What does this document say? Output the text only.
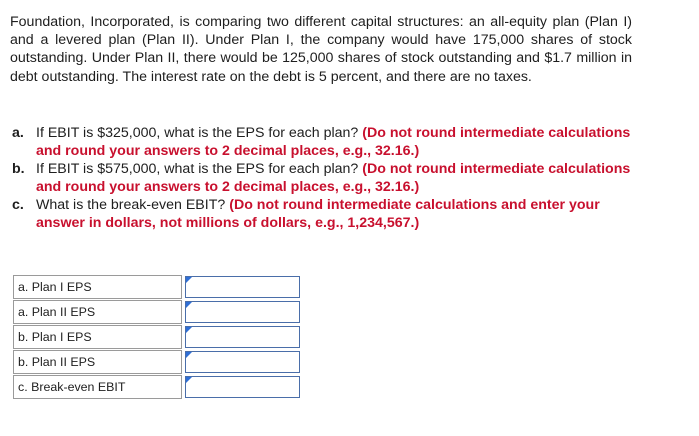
Foundation, Incorporated, is comparing two different capital structures: an all-equity plan (Plan I) and a levered plan (Plan II). Under Plan I, the company would have 175,000 shares of stock outstanding. Under Plan II, there would be 125,000 shares of stock outstanding and $1.7 million in debt outstanding. The interest rate on the debt is 5 percent, and there are no taxes.

a. If EBIT is $325,000, what is the EPS for each plan? (Do not round intermediate calculations and round your answers to 2 decimal places, e.g., 32.16.)
b. If EBIT is $575,000, what is the EPS for each plan? (Do not round intermediate calculations and round your answers to 2 decimal places, e.g., 32.16.)
c. What is the break-even EBIT? (Do not round intermediate calculations and enter your answer in dollars, not millions of dollars, e.g., 1,234,567.)
a. Plan I EPS	

a. Plan II EPS	

b. Plan I EPS	

b. Plan II EPS	

c. Break-even EBIT	
